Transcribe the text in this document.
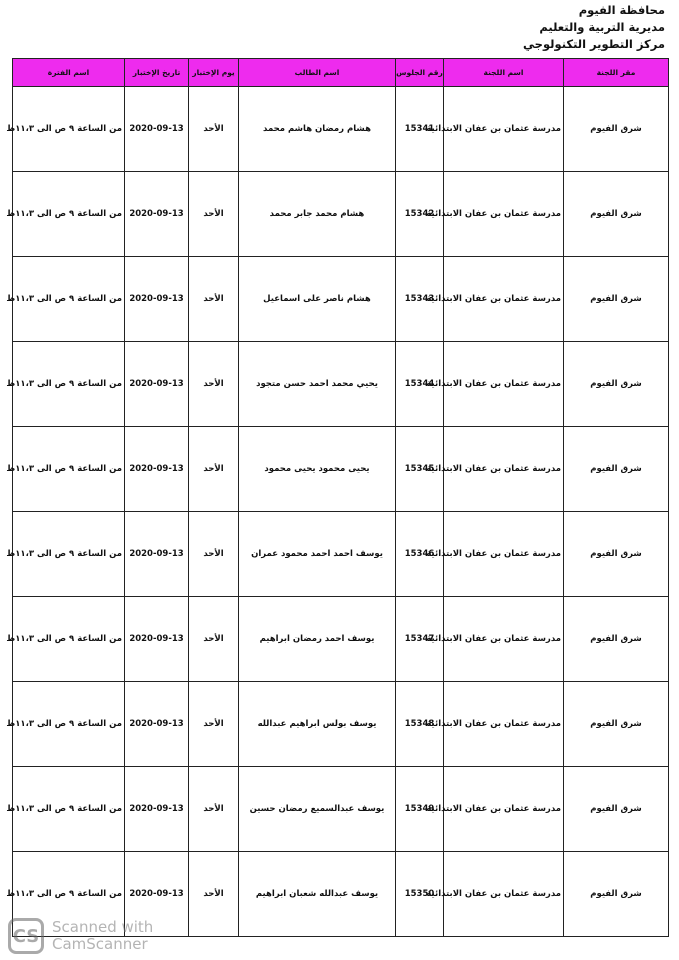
محافظة الفيوم
مديرية التربية والتعليم
مركز التطوير التكنولوجي
مقر اللجنة	اسم اللجنة	رقم الجلوس	اسم الطالب	يوم الإختبار	تاريخ الإختبار	اسم الفترة
شرق الفيوم	مدرسة عثمان بن عفان الابتدائية	15341	هشام رمضان هاشم محمد	الأحد	2020-09-13	من الساعة ٩ ص الى ١١،٣ظ
شرق الفيوم	مدرسة عثمان بن عفان الابتدائية	15342	هشام محمد جابر محمد	الأحد	2020-09-13	من الساعة ٩ ص الى ١١،٣ظ
شرق الفيوم	مدرسة عثمان بن عفان الابتدائية	15343	هشام ناصر على اسماعيل	الأحد	2020-09-13	من الساعة ٩ ص الى ١١،٣ظ
شرق الفيوم	مدرسة عثمان بن عفان الابتدائية	15344	يحيي محمد احمد حسن متجود	الأحد	2020-09-13	من الساعة ٩ ص الى ١١،٣ظ
شرق الفيوم	مدرسة عثمان بن عفان الابتدائية	15345	يحيى محمود يحيى محمود	الأحد	2020-09-13	من الساعة ٩ ص الى ١١،٣ظ
شرق الفيوم	مدرسة عثمان بن عفان الابتدائية	15346	يوسف احمد احمد محمود عمران	الأحد	2020-09-13	من الساعة ٩ ص الى ١١،٣ظ
شرق الفيوم	مدرسة عثمان بن عفان الابتدائية	15347	يوسف احمد رمضان ابراهيم	الأحد	2020-09-13	من الساعة ٩ ص الى ١١،٣ظ
شرق الفيوم	مدرسة عثمان بن عفان الابتدائية	15348	يوسف بولس ابراهيم عبدالله	الأحد	2020-09-13	من الساعة ٩ ص الى ١١،٣ظ
شرق الفيوم	مدرسة عثمان بن عفان الابتدائية	15349	يوسف عبدالسميع رمضان حسين	الأحد	2020-09-13	من الساعة ٩ ص الى ١١،٣ظ
شرق الفيوم	مدرسة عثمان بن عفان الابتدائية	15350	يوسف عبدالله شعبان ابراهيم	الأحد	2020-09-13	من الساعة ٩ ص الى ١١،٣ظ
CS Scanned with
CamScanner
